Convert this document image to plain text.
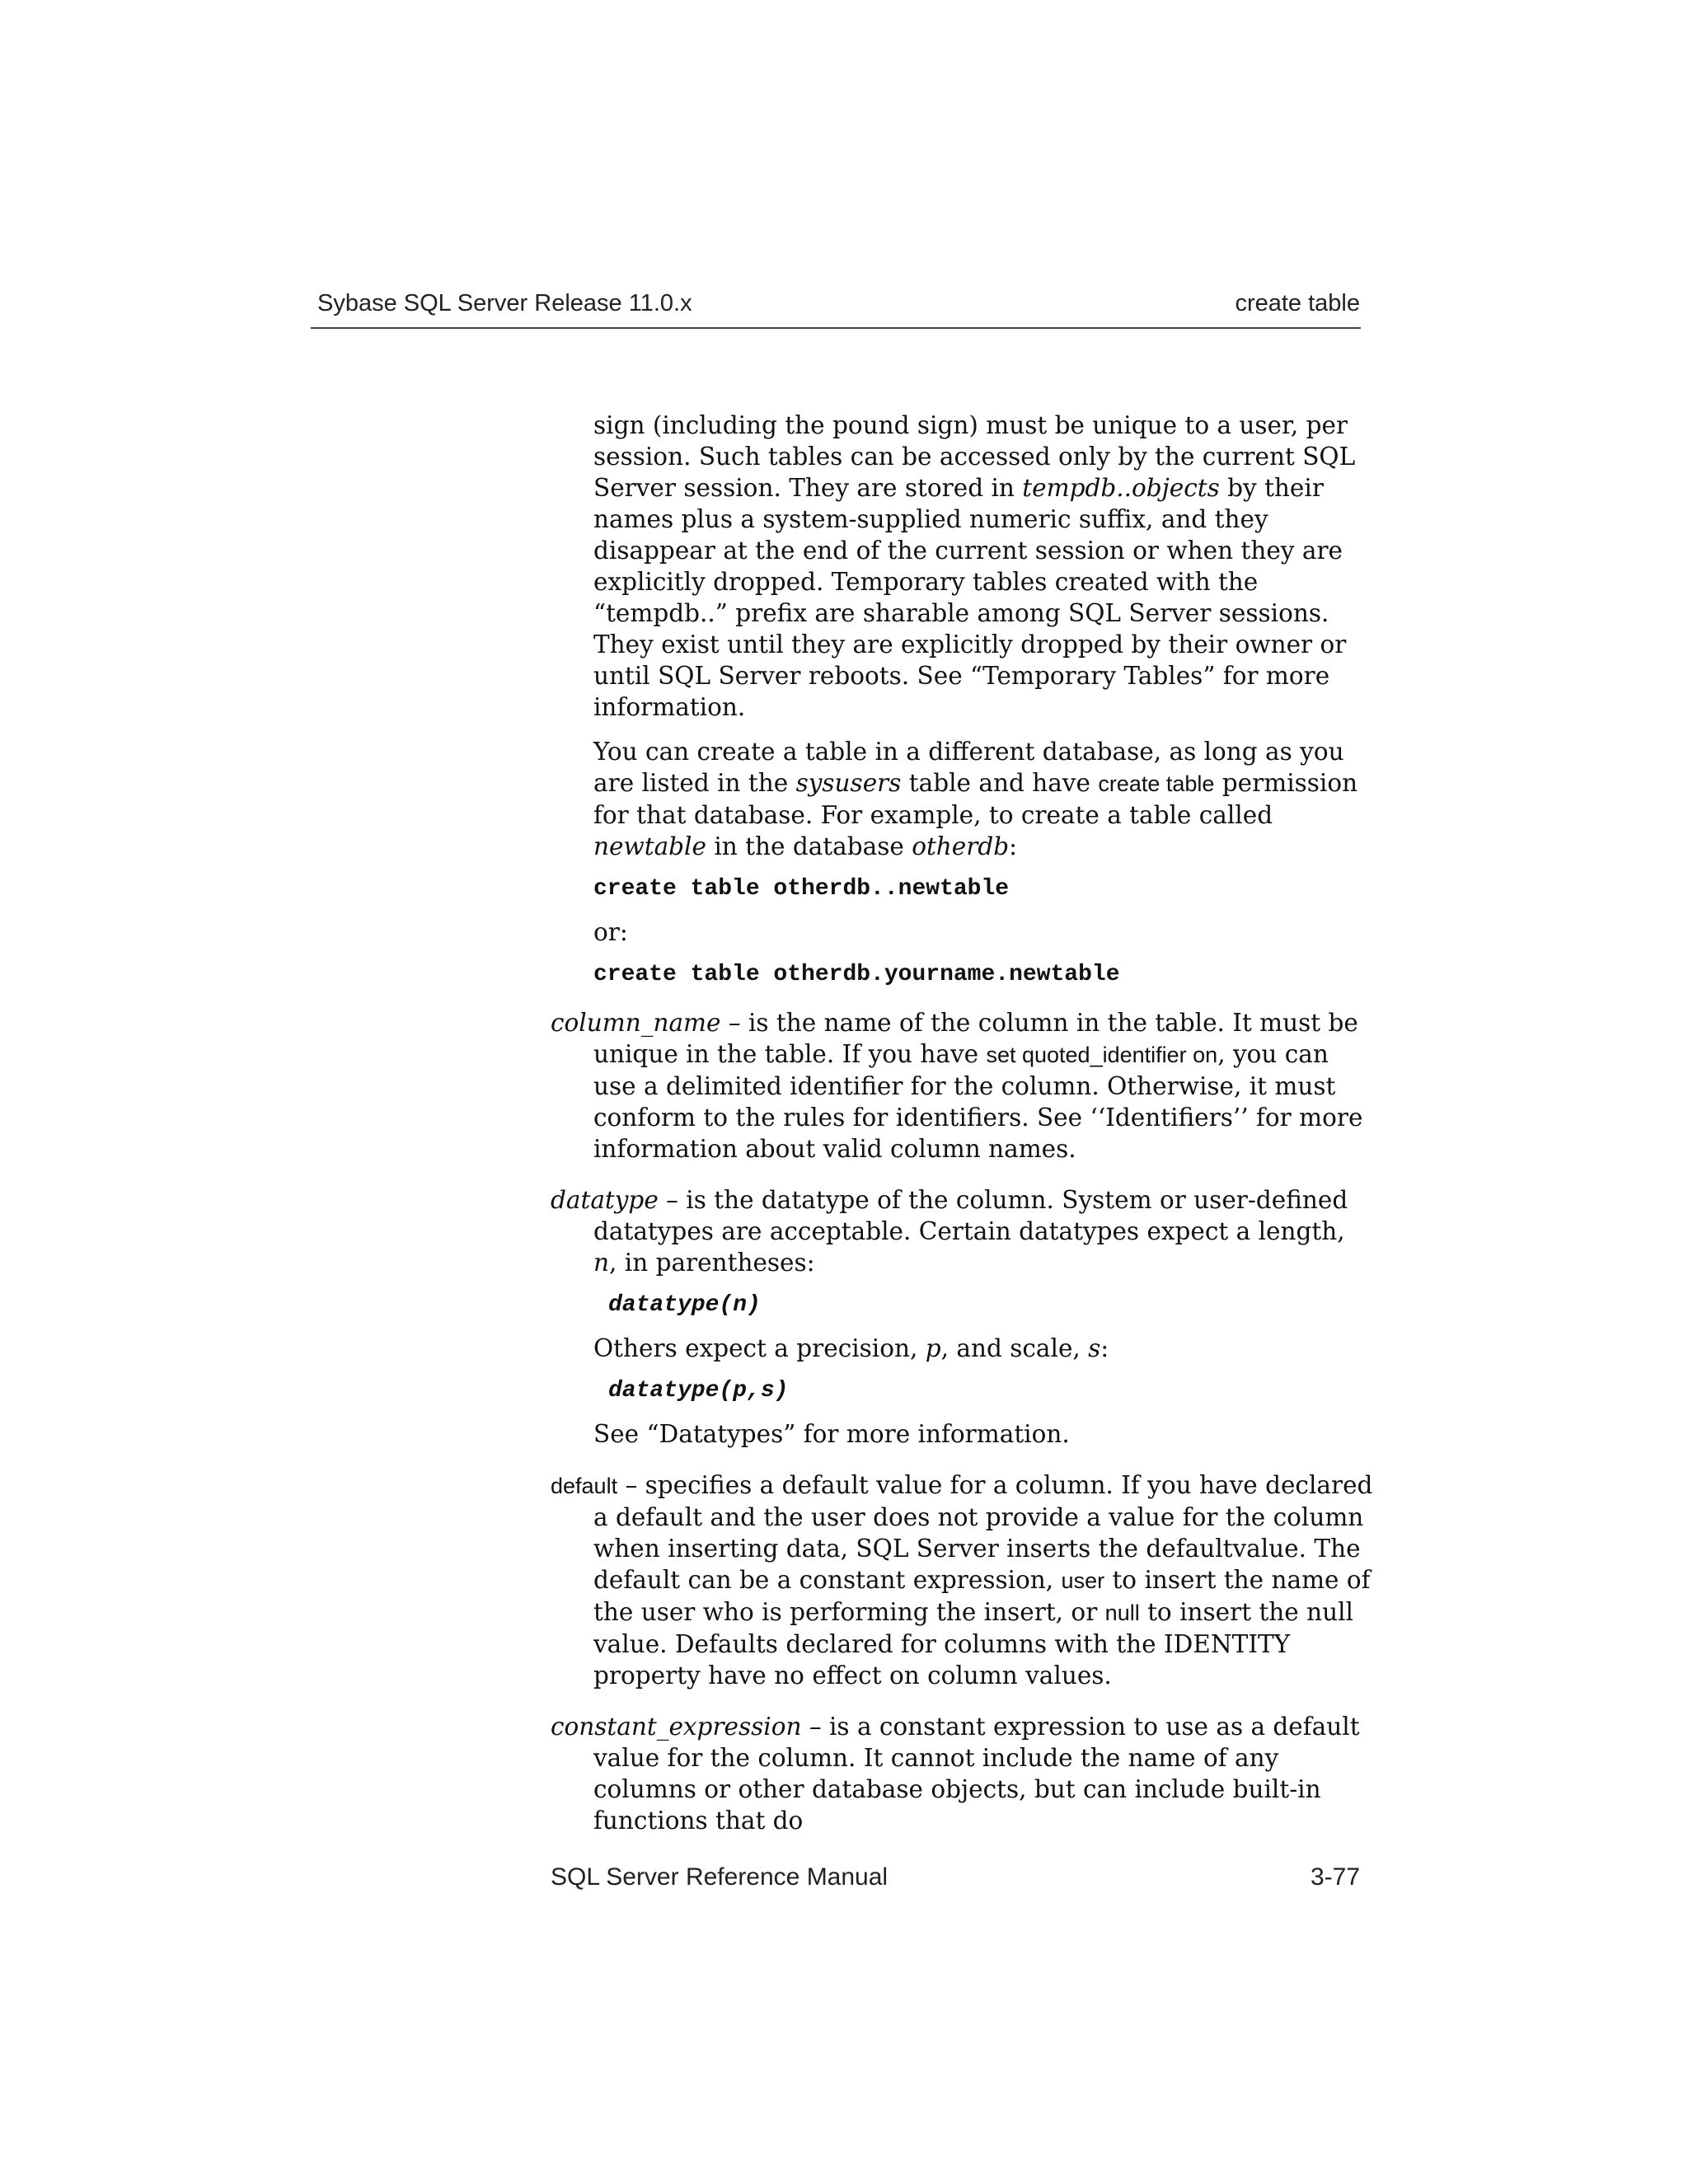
Sybase SQL Server Release 11.0.x	create table

sign (including the pound sign) must be unique to a user, per session. Such tables can be accessed only by the current SQL Server session. They are stored in tempdb..objects by their names plus a system-supplied numeric suffix, and they disappear at the end of the current session or when they are explicitly dropped. Temporary tables created with the “tempdb..” prefix are sharable among SQL Server sessions. They exist until they are explicitly dropped by their owner or until SQL Server reboots. See “Temporary Tables” for more information.

You can create a table in a different database, as long as you are listed in the sysusers table and have create table permission for that database. For example, to create a table called newtable in the database otherdb:

create table otherdb..newtable

or:

create table otherdb.yourname.newtable

column_name – is the name of the column in the table. It must be unique in the table. If you have set quoted_identifier on, you can use a delimited identifier for the column. Otherwise, it must conform to the rules for identifiers. See ‘‘Identifiers’’ for more information about valid column names.

datatype – is the datatype of the column. System or user-defined datatypes are acceptable. Certain datatypes expect a length, n, in parentheses:

datatype(n)

Others expect a precision, p, and scale, s:

datatype(p,s)

See “Datatypes” for more information.

default – specifies a default value for a column. If you have declared a default and the user does not provide a value for the column when inserting data, SQL Server inserts the defaultvalue. The default can be a constant expression, user to insert the name of the user who is performing the insert, or null to insert the null value. Defaults declared for columns with the IDENTITY property have no effect on column values.

constant_expression – is a constant expression to use as a default value for the column. It cannot include the name of any columns or other database objects, but can include built-in functions that do

SQL Server Reference Manual	3-77
